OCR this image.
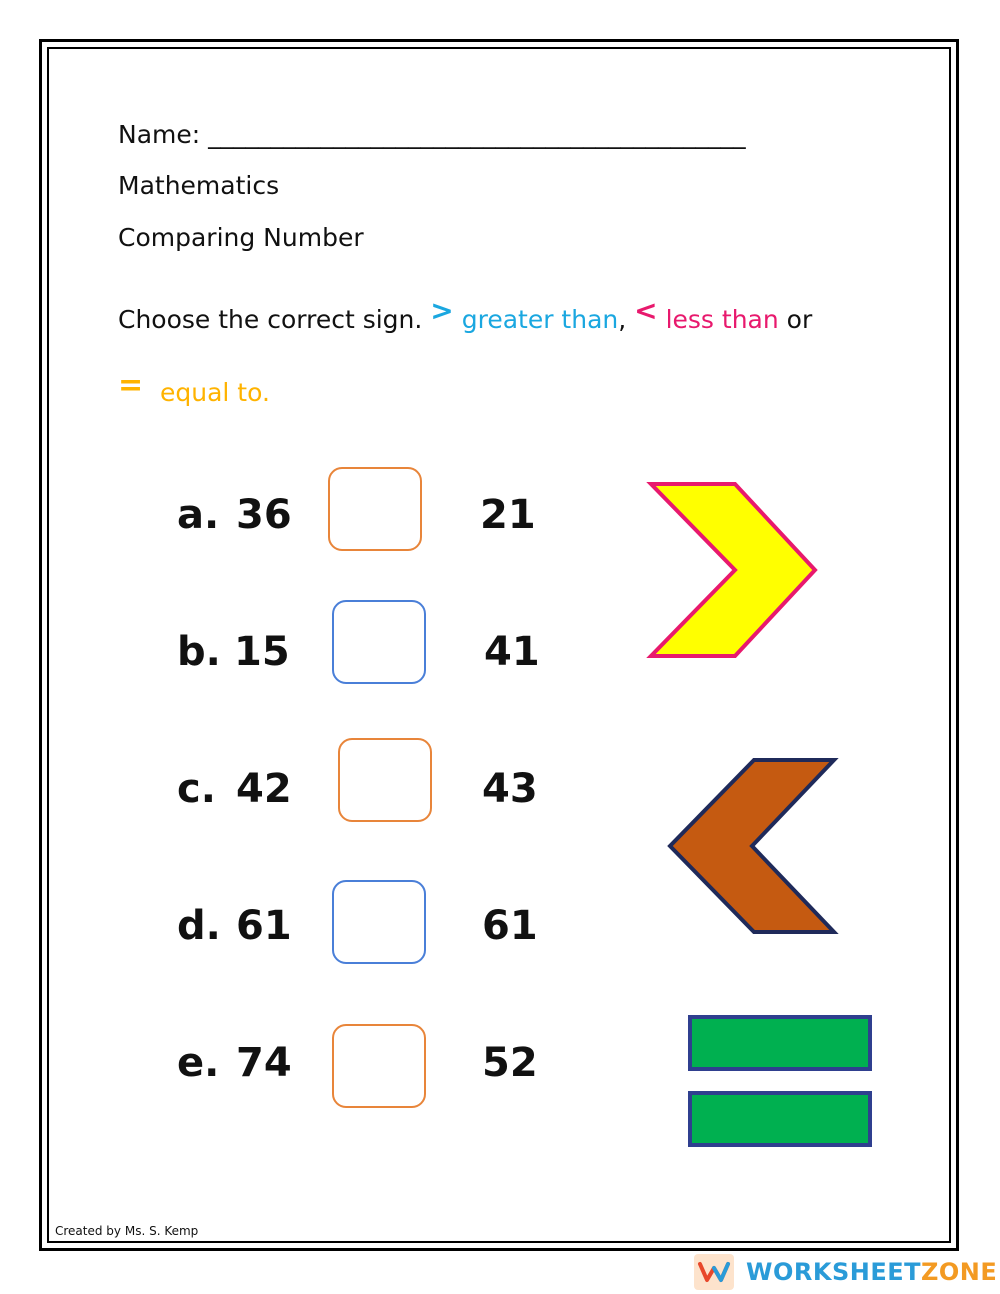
Name: ___________________________________________
Mathematics
Comparing Number
Choose the correct sign. > greater than, < less than or
= equal to.
a. 36	21
b. 15	41
c. 42	43
d. 61	61
e. 74	52
Created by Ms. S. Kemp
WORKSHEETZONE
